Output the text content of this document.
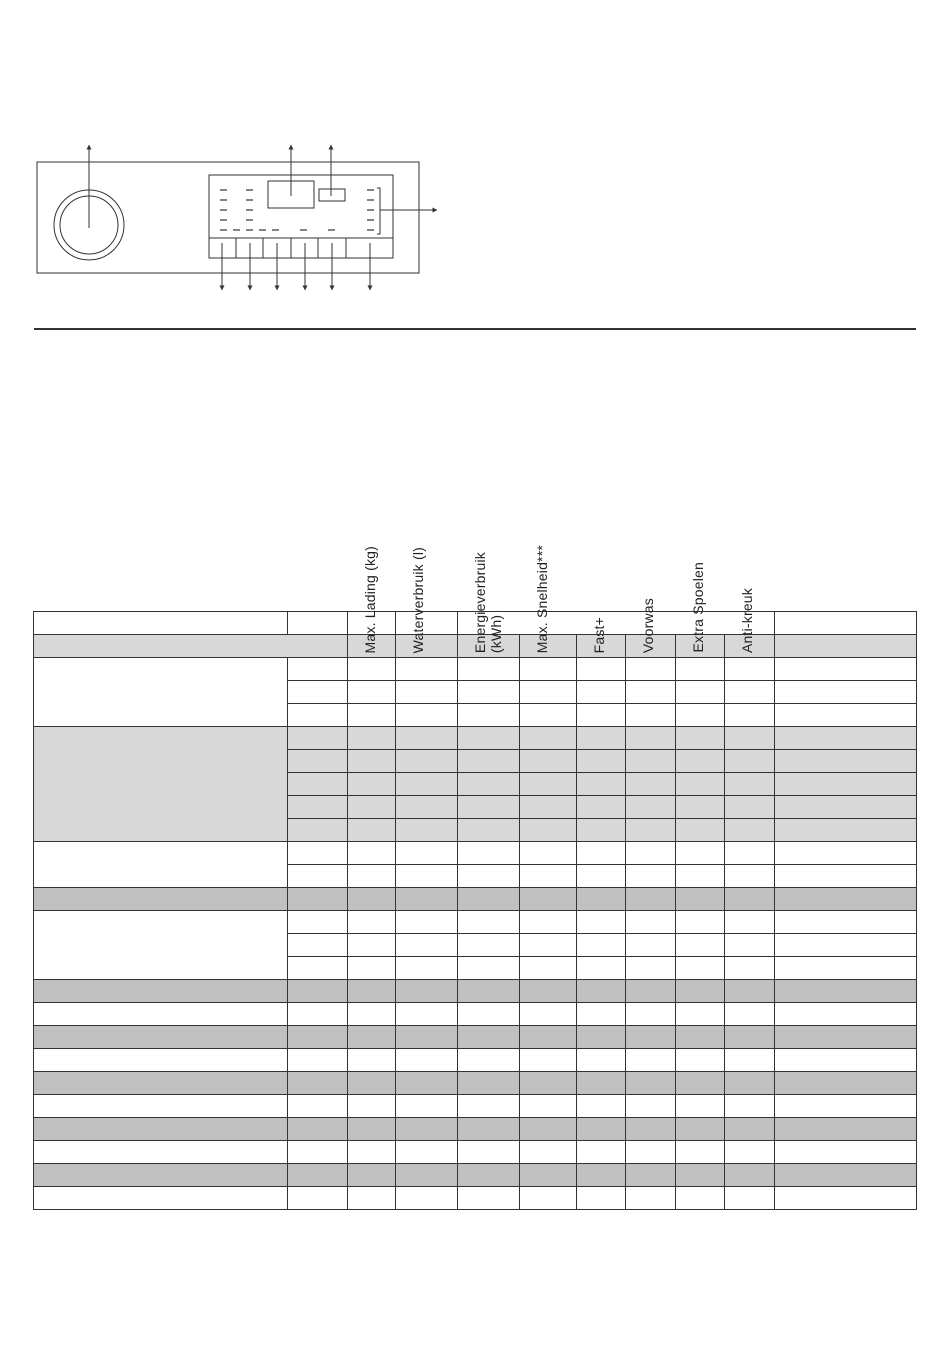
		Max. Lading (kg)	Waterverbruik (l)	Energieverbruik
(kWh)	Max. Snelheid***	Fast+	Voorwas	Extra Spoelen	Anti-kreuk	
